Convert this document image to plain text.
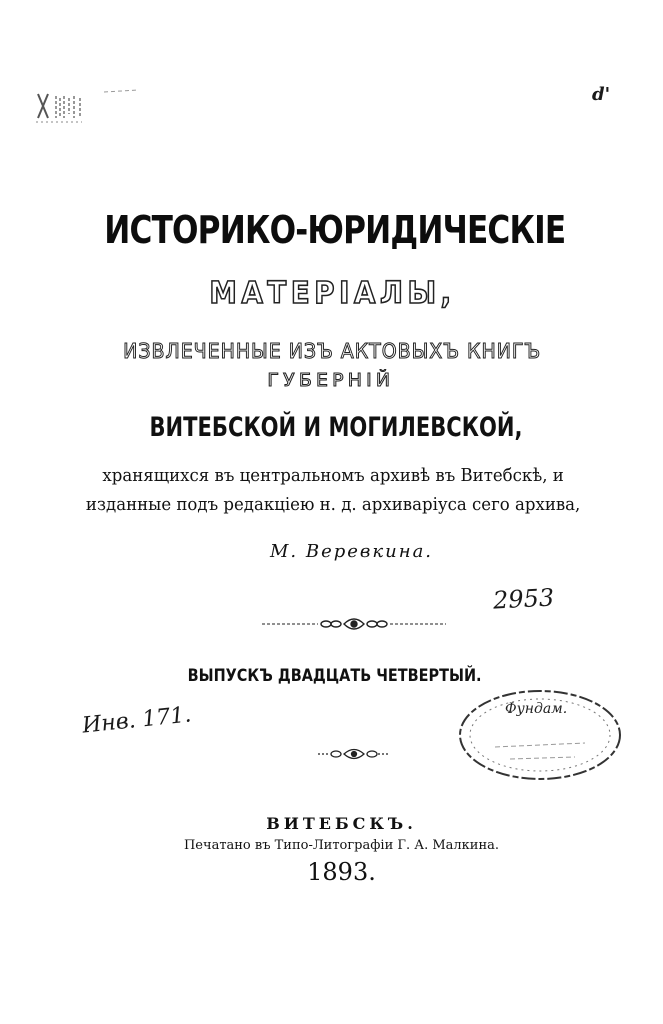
d'
ИСТОРИКО-ЮРИДИЧЕСКІЕ
МАТЕРІАЛЫ,
ИЗВЛЕЧЕННЫЕ ИЗЪ АКТОВЫХЪ КНИГЪ
ГУБЕРНІЙ
ВИТЕБСКОЙ И МОГИЛЕВСКОЙ,
хранящихся въ центральномъ архивѣ въ Витебскѣ, и
изданные подъ редакціею н. д. архиваріуса сего архива,
М. Веревкина.
2953
ВЫПУСКЪ ДВАДЦАТЬ ЧЕТВЕРТЫЙ.
Инв. 171.	Фундам.
ВИТЕБСКЪ.
Печатано въ Типо-Литографіи Г. А. Малкина.
1893.
